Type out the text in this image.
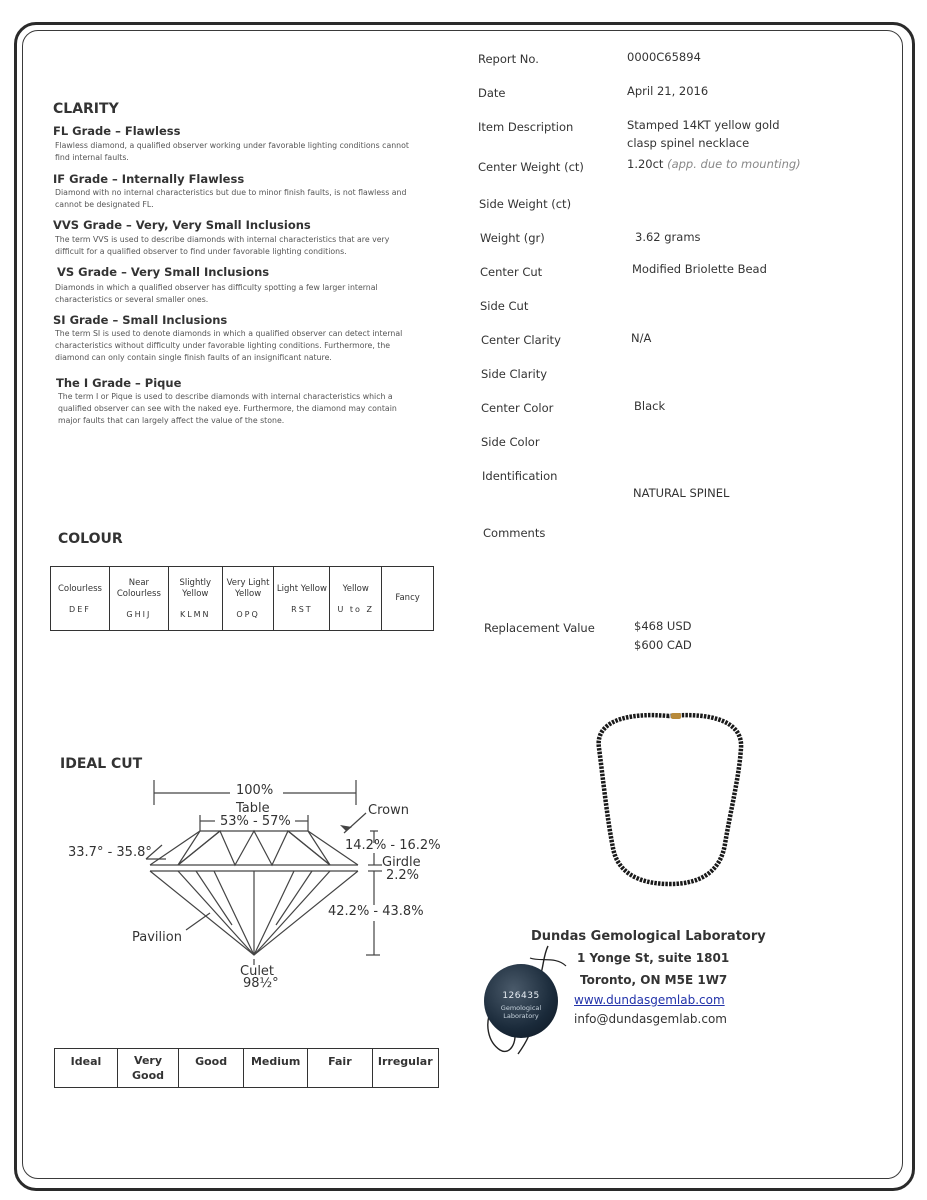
CLARITY
FL Grade – Flawless
Flawless diamond, a qualified observer working under favorable lighting conditions cannot find internal faults.
IF Grade – Internally Flawless
Diamond with no internal characteristics but due to minor finish faults, is not flawless and cannot be designated FL.
VVS Grade – Very, Very Small Inclusions
The term VVS is used to describe diamonds with internal characteristics that are very difficult for a qualified observer to find under favorable lighting conditions.
VS Grade – Very Small Inclusions
Diamonds in which a qualified observer has difficulty spotting a few larger internal characteristics or several smaller ones.
SI Grade – Small Inclusions
The term SI is used to denote diamonds in which a qualified observer can detect internal characteristics without difficulty under favorable lighting conditions. Furthermore, the diamond can only contain single finish faults of an insignificant nature.
The I Grade – Pique
The term I or Pique is used to describe diamonds with internal characteristics which a qualified observer can see with the naked eye. Furthermore, the diamond may contain major faults that can largely affect the value of the stone.
COLOUR
Colourless
DEF

Near Colourless
GHIJ

Slightly Yellow
KLMN

Very Light Yellow
OPQ

Light Yellow
RST

Yellow
U to Z

Fancy
IDEAL CUT
100%
Table
53% - 57%
Crown
33.7° - 35.8°	14.2% - 16.2%
Girdle
2.2%
42.2% - 43.8%
Pavilion
Culet
98½°
Ideal	Very Good	Good	Medium	Fair	Irregular
Report No.	0000C65894
Date	April 21, 2016
Item Description	Stamped 14KT yellow gold
clasp spinel necklace
Center Weight (ct)	1.20ct (app. due to mounting)
Side Weight (ct)
Weight (gr)	3.62 grams
Center Cut	Modified Briolette Bead
Side Cut
Center Clarity	N/A
Side Clarity
Center Color	Black
Side Color
Identification
NATURAL SPINEL
Comments
Replacement Value	$468 USD
$600 CAD
Dundas Gemological Laboratory
1 Yonge St, suite 1801
Toronto, ON M5E 1W7
www.dundasgemlab.com
info@dundasgemlab.com
126435
Gemological Laboratory
